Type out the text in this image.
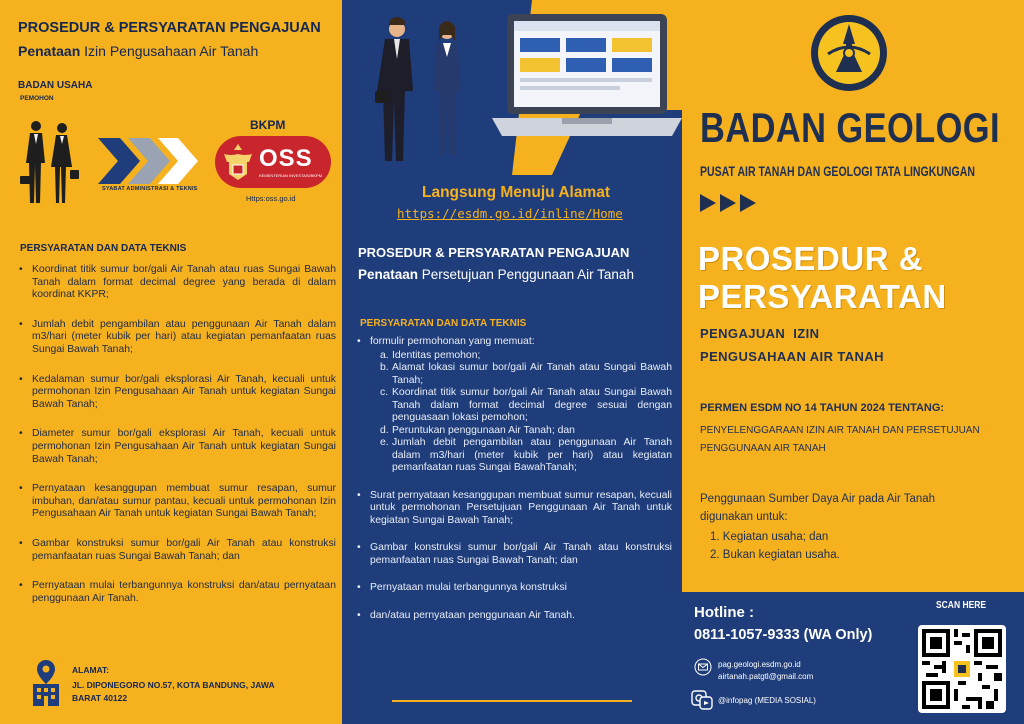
PROSEDUR & PERSYARATAN PENGAJUAN
Penataan Izin Pengusahaan Air Tanah
BADAN USAHA
PEMOHON
SYABAT ADMINISTRASI & TEKNIS
BKPM
OSS
KEMENTERIAN INVESTASI/BKPM
Https:oss.go.id
PERSYARATAN DAN DATA TEKNIS
• Koordinat titik sumur bor/gali Air Tanah atau ruas Sungai Bawah Tanah dalam format decimal degree yang berada di dalam koordinat KKPR;
• Jumlah debit pengambilan atau penggunaan Air Tanah dalam m3/hari (meter kubik per hari) atau kegiatan pemanfaatan ruas Sungai Bawah Tanah;
• Kedalaman sumur bor/gali eksplorasi Air Tanah, kecuali untuk permohonan Izin Pengusahaan Air Tanah untuk kegiatan Sungai Bawah Tanah;
• Diameter sumur bor/gali eksplorasi Air Tanah, kecuali untuk permohonan Izin Pengusahaan Air Tanah untuk kegiatan Sungai Bawah Tanah;
• Pernyataan kesanggupan membuat sumur resapan, sumur imbuhan, dan/atau sumur pantau, kecuali untuk permohonan Izin Pengusahaan Air Tanah untuk kegiatan Sungai Bawah Tanah;
• Gambar konstruksi sumur bor/gali Air Tanah atau konstruksi pemanfaatan ruas Sungai Bawah Tanah; dan
• Pernyataan mulai terbangunnya konstruksi dan/atau pernyataan penggunaan Air Tanah.
ALAMAT:
JL. DIPONEGORO NO.57, KOTA BANDUNG, JAWA BARAT 40122
Langsung Menuju Alamat
https://esdm.go.id/inline/Home
PROSEDUR & PERSYARATAN PENGAJUAN
Penataan Persetujuan Penggunaan Air Tanah
PERSYARATAN DAN DATA TEKNIS
• formulir permohonan yang memuat:
a. Identitas pemohon;
b. Alamat lokasi sumur bor/gali Air Tanah atau Sungai Bawah Tanah;
c. Koordinat titik sumur bor/gali Air Tanah atau Sungai Bawah Tanah dalam format decimal degree sesuai dengan penguasaan lokasi pemohon;
d. Peruntukan penggunaan Air Tanah; dan
e. Jumlah debit pengambilan atau penggunaan Air Tanah dalam m3/hari (meter kubik per hari) atau kegiatan pemanfaatan ruas Sungai BawahTanah;
• Surat pernyataan kesanggupan membuat sumur resapan, kecuali untuk permohonan Persetujuan Penggunaan Air Tanah untuk kegiatan Sungai Bawah Tanah;
• Gambar konstruksi sumur bor/gali Air Tanah atau konstruksi pemanfaatan ruas Sungai Bawah Tanah; dan
• Pernyataan mulai terbangunnya konstruksi
• dan/atau pernyataan penggunaan Air Tanah.
BADAN GEOLOGI
PUSAT AIR TANAH DAN GEOLOGI TATA LINGKUNGAN
PROSEDUR &
PERSYARATAN
PENGAJUAN  IZIN
PENGUSAHAAN AIR TANAH
PERMEN ESDM NO 14 TAHUN 2024 TENTANG:
PENYELENGGARAAN IZIN AIR TANAH DAN PERSETUJUAN PENGGUNAAN AIR TANAH
Penggunaan Sumber Daya Air pada Air Tanah digunakan untuk:
1. Kegiatan usaha; dan
2. Bukan kegiatan usaha.
Hotline :
0811-1057-9333 (WA Only)
SCAN HERE
pag.geologi.esdm.go.id
airtanah.patgtl@gmail.com
@infopag (MEDIA SOSIAL)
